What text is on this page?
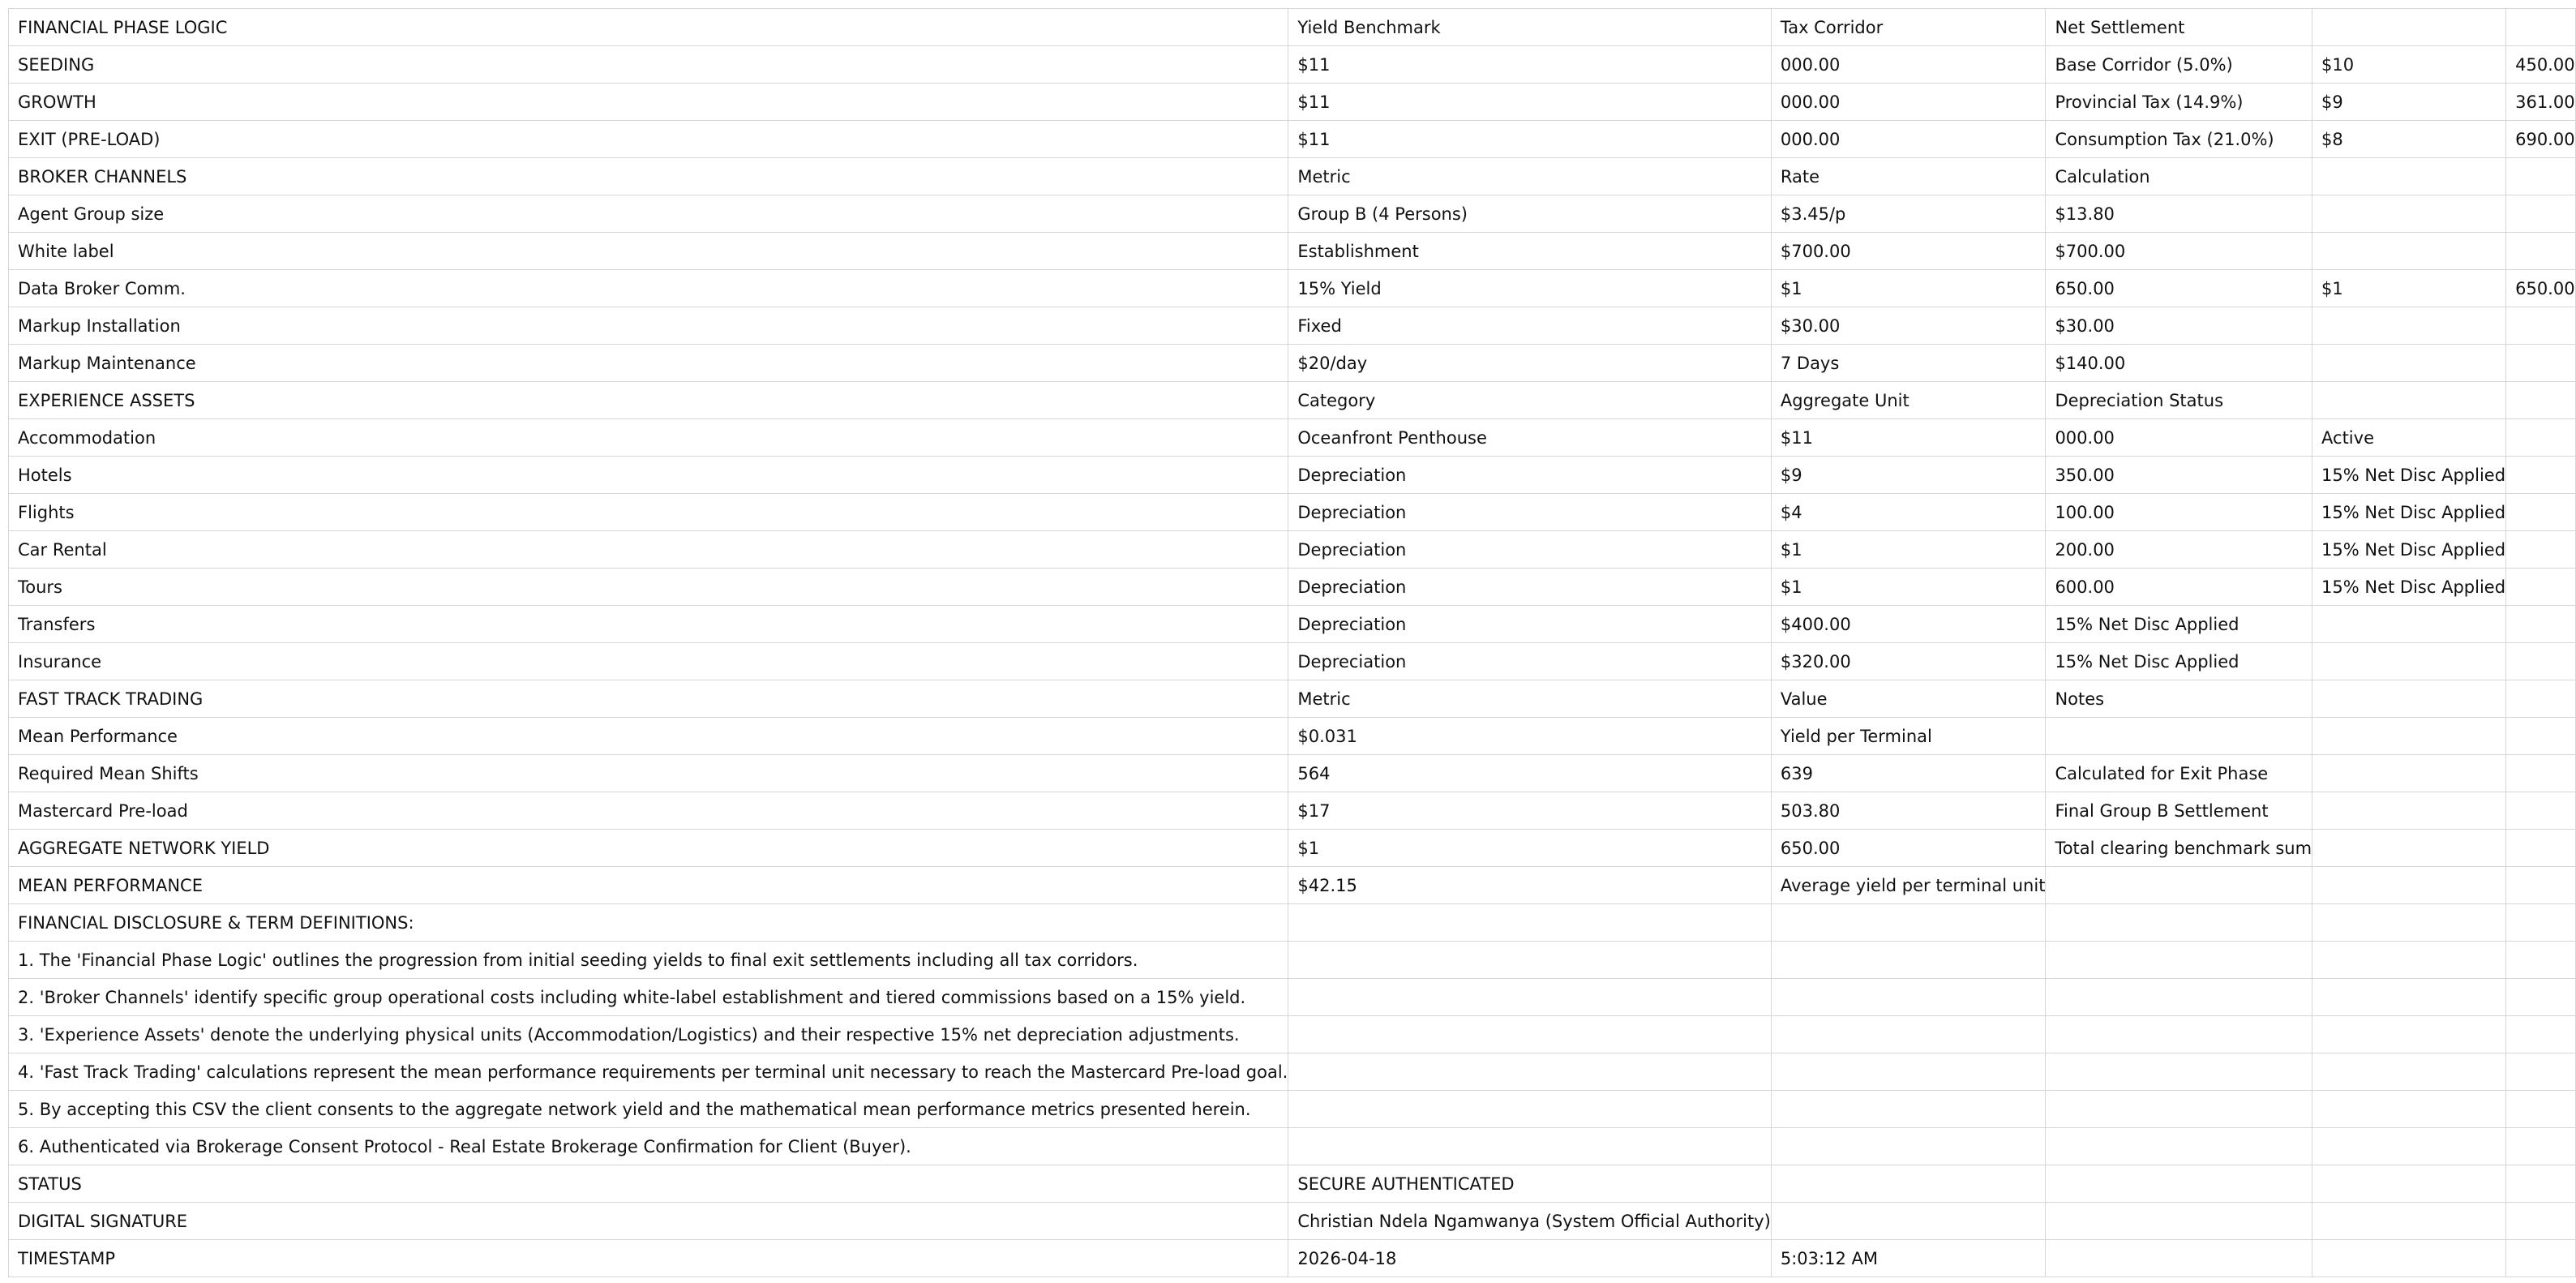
FINANCIAL PHASE LOGIC	Yield Benchmark	Tax Corridor	Net Settlement		
SEEDING	$11	000.00	Base Corridor (5.0%)	$10	450.00
GROWTH	$11	000.00	Provincial Tax (14.9%)	$9	361.00
EXIT (PRE-LOAD)	$11	000.00	Consumption Tax (21.0%)	$8	690.00
BROKER CHANNELS	Metric	Rate	Calculation		
Agent Group size	Group B (4 Persons)	$3.45/p	$13.80		
White label	Establishment	$700.00	$700.00		
Data Broker Comm.	15% Yield	$1	650.00	$1	650.00
Markup Installation	Fixed	$30.00	$30.00		
Markup Maintenance	$20/day	7 Days	$140.00		
EXPERIENCE ASSETS	Category	Aggregate Unit	Depreciation Status		
Accommodation	Oceanfront Penthouse	$11	000.00	Active	
Hotels	Depreciation	$9	350.00	15% Net Disc Applied	
Flights	Depreciation	$4	100.00	15% Net Disc Applied	
Car Rental	Depreciation	$1	200.00	15% Net Disc Applied	
Tours	Depreciation	$1	600.00	15% Net Disc Applied	
Transfers	Depreciation	$400.00	15% Net Disc Applied		
Insurance	Depreciation	$320.00	15% Net Disc Applied		
FAST TRACK TRADING	Metric	Value	Notes		
Mean Performance	$0.031	Yield per Terminal			
Required Mean Shifts	564	639	Calculated for Exit Phase		
Mastercard Pre-load	$17	503.80	Final Group B Settlement		
AGGREGATE NETWORK YIELD	$1	650.00	Total clearing benchmark sum		
MEAN PERFORMANCE	$42.15	Average yield per terminal unit			
FINANCIAL DISCLOSURE & TERM DEFINITIONS:					
1. The 'Financial Phase Logic' outlines the progression from initial seeding yields to final exit settlements including all tax corridors.					
2. 'Broker Channels' identify specific group operational costs including white-label establishment and tiered commissions based on a 15% yield.					
3. 'Experience Assets' denote the underlying physical units (Accommodation/Logistics) and their respective 15% net depreciation adjustments.					
4. 'Fast Track Trading' calculations represent the mean performance requirements per terminal unit necessary to reach the Mastercard Pre-load goal.					
5. By accepting this CSV the client consents to the aggregate network yield and the mathematical mean performance metrics presented herein.					
6. Authenticated via Brokerage Consent Protocol - Real Estate Brokerage Confirmation for Client (Buyer).					
STATUS	SECURE AUTHENTICATED				
DIGITAL SIGNATURE	Christian Ndela Ngamwanya (System Official Authority)				
TIMESTAMP	2026-04-18	5:03:12 AM			
